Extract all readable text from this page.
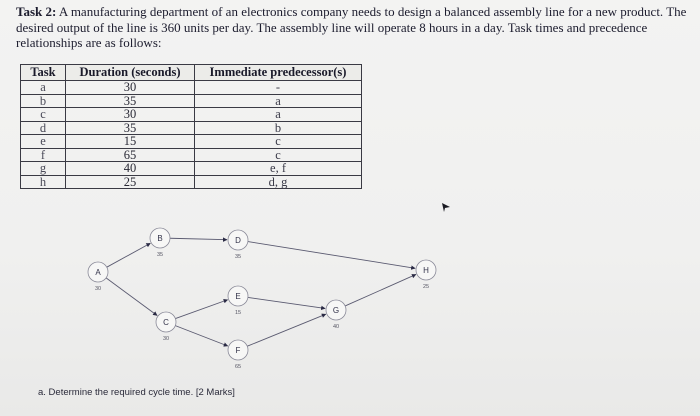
Task 2: A manufacturing department of an electronics company needs to design a balanced assembly line for a new product. The desired output of the line is 360 units per day. The assembly line will operate 8 hours in a day. Task times and precedence relationships are as follows:
Task	Duration (seconds)	Immediate predecessor(s)
a	30	-
b	35	a
c	30	a
d	35	b
e	15	c
f	65	c
g	40	e, f
h	25	d, g
A
30
B
35
C
30
D
35
E
15
F
65
G
40
H
25
a. Determine the required cycle time. [2 Marks]
